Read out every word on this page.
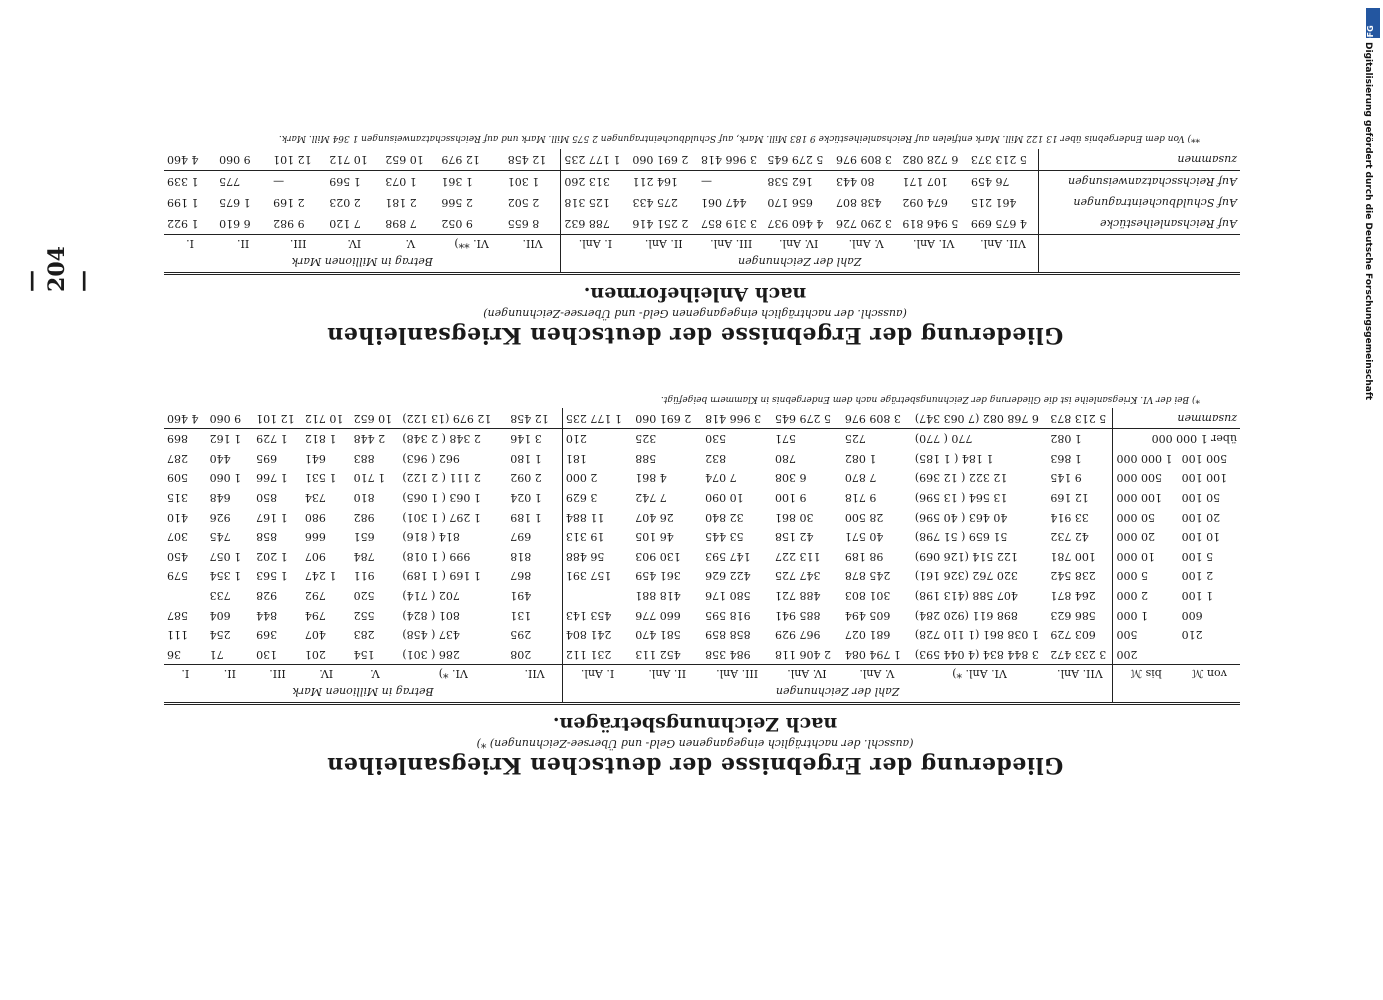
— 204 —
Gliederung der Ergebnisse der deutschen Kriegsanleihen
(ausschl. der nachträglich eingegangenen Geld- und Übersee-Zeichnungen) *)
nach Zeichnungsbeträgen.
		Zahl der Zeichnungen							Betrag in Millionen Mark						
von ℳ	bis ℳ	VII. Anl.	VI. Anl. *)	V. Anl.	IV. Anl.	III. Anl.	II. Anl.	I. Anl.	VII.	VI. *)	V.	IV.	III.	II.	I.
	200	3 233 472	3 844 834 (4 044 593)	1 794 084	2 406 118	984 358	452 113	231 112	208	286 ( 301)	154	201	130	71	36
210	500	603 729	1 038 861 (1 110 728)	681 027	967 929	858 859	581 470	241 804	295	437 ( 458)	283	407	369	254	111
600	1 000	586 623	898 611 (920 284)	605 494	885 941	918 595	660 776	453 143	131	801 ( 824)	552	794	844	604	587
1 100	2 000	264 871	407 588 (413 198)	301 803	488 721	580 176	418 881		491	702 ( 714)	520	792	928	733	
2 100	5 000	238 542	320 762 (326 161)	245 878	347 725	422 626	361 459	157 391	867	1 169 ( 1 189)	911	1 247	1 563	1 354	579
5 100	10 000	100 781	122 514 (126 069)	98 189	113 227	147 593	130 903	56 488	818	999 ( 1 018)	784	907	1 202	1 057	450
10 100	20 000	42 732	51 659 ( 51 798)	40 571	42 158	53 445	46 105	19 313	697	814 ( 816)	651	666	858	745	307
20 100	50 000	33 914	40 463 ( 40 596)	28 500	30 861	32 840	26 407	11 884	1 189	1 297 ( 1 301)	982	980	1 167	926	410
50 100	100 000	12 169	13 564 ( 13 596)	9 718	9 100	10 090	7 742	3 629	1 024	1 063 ( 1 065)	810	734	850	648	315
100 100	500 000	9 145	12 322 ( 12 369)	7 870	6 308	7 074	4 861	2 000	2 092	2 111 ( 2 122)	1 710	1 531	1 766	1 060	509
500 100	1 000 000	1 863	1 184 ( 1 185)	1 082	780	832	588	181	1 180	962 ( 963)	883	641	695	440	287
über 1 000 000		1 082	770 ( 770)	725	571	530	325	210	3 146	2 348 ( 2 348)	2 448	1 812	1 729	1 162	869
zusammen		5 213 873	6 768 082 (7 063 347)	3 809 976	5 279 645	3 966 418	2 691 060	1 177 235	12 458	12 979 (13 122)	10 652	10 712	12 101	9 060	4 460
*) Bei der VI. Kriegsanleihe ist die Gliederung der Zeichnungsbeträge nach dem Endergebnis in Klammern beigefügt.
Gliederung der Ergebnisse der deutschen Kriegsanleihen
(ausschl. der nachträglich eingegangenen Geld- und Übersee-Zeichnungen)
nach Anleiheformen.
	Zahl der Zeichnungen							Betrag in Millionen Mark						
	VII. Anl.	VI. Anl.	V. Anl.	IV. Anl.	III. Anl.	II. Anl.	I. Anl.	VII.	VI. **)	V.	IV.	III.	II.	I.
Auf Reichsanleihestücke	4 675 699	5 946 819	3 290 726	4 460 937	3 319 857	2 251 416	788 632	8 655	9 052	7 898	7 120	9 982	6 610	1 922
Auf Schuldbucheintragungen	461 215	674 092	438 807	656 170	447 061	275 433	125 318	2 502	2 566	2 181	2 023	2 169	1 675	1 199
Auf Reichsschatzanweisungen	76 459	107 171	80 443	162 538	—	164 211	313 260	1 301	1 361	1 073	1 569	—	775	1 339
zusammen	5 213 373	6 728 082	3 809 976	5 279 645	3 966 418	2 691 060	1 177 235	12 458	12 979	10 652	10 712	12 101	9 060	4 460
**) Von dem Endergebnis über 13 122 Mill. Mark entfielen auf Reichsanleihestücke 9 183 Mill. Mark, auf Schuldbucheintragungen 2 575 Mill. Mark und auf Reichsschatzanweisungen 1 364 Mill. Mark.
DFG
Digitalisierung gefördert durch die Deutsche Forschungsgemeinschaft
